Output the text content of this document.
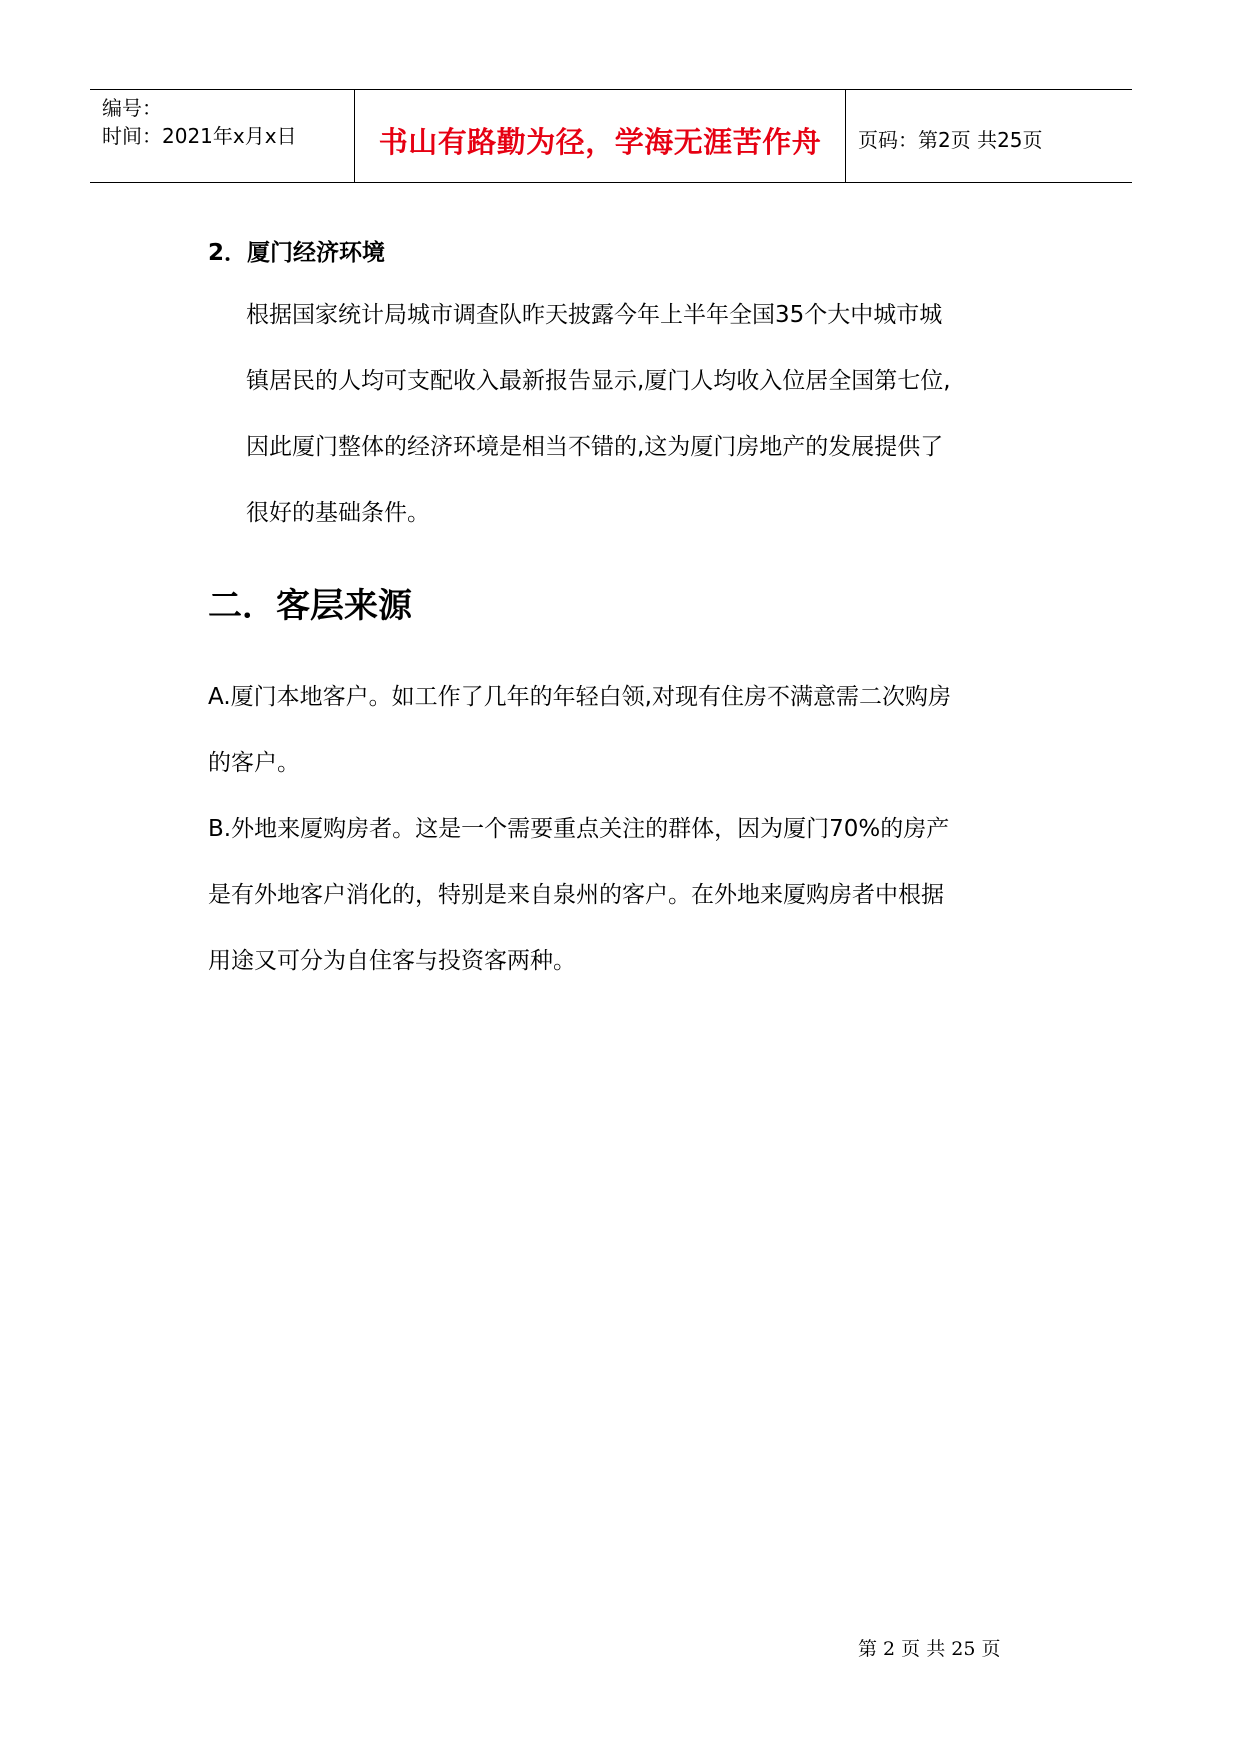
编号：
时间：2021年x月x日	书山有路勤为径，学海无涯苦作舟	页码：第2页 共25页
2．厦门经济环境
根据国家统计局城市调查队昨天披露今年上半年全国35个大中城市城
镇居民的人均可支配收入最新报告显示,厦门人均收入位居全国第七位,
因此厦门整体的经济环境是相当不错的,这为厦门房地产的发展提供了
很好的基础条件。
二．客层来源
A.厦门本地客户。如工作了几年的年轻白领,对现有住房不满意需二次购房
的客户。
B.外地来厦购房者。这是一个需要重点关注的群体，因为厦门70%的房产
是有外地客户消化的，特别是来自泉州的客户。在外地来厦购房者中根据
用途又可分为自住客与投资客两种。
第 2 页 共 25 页
